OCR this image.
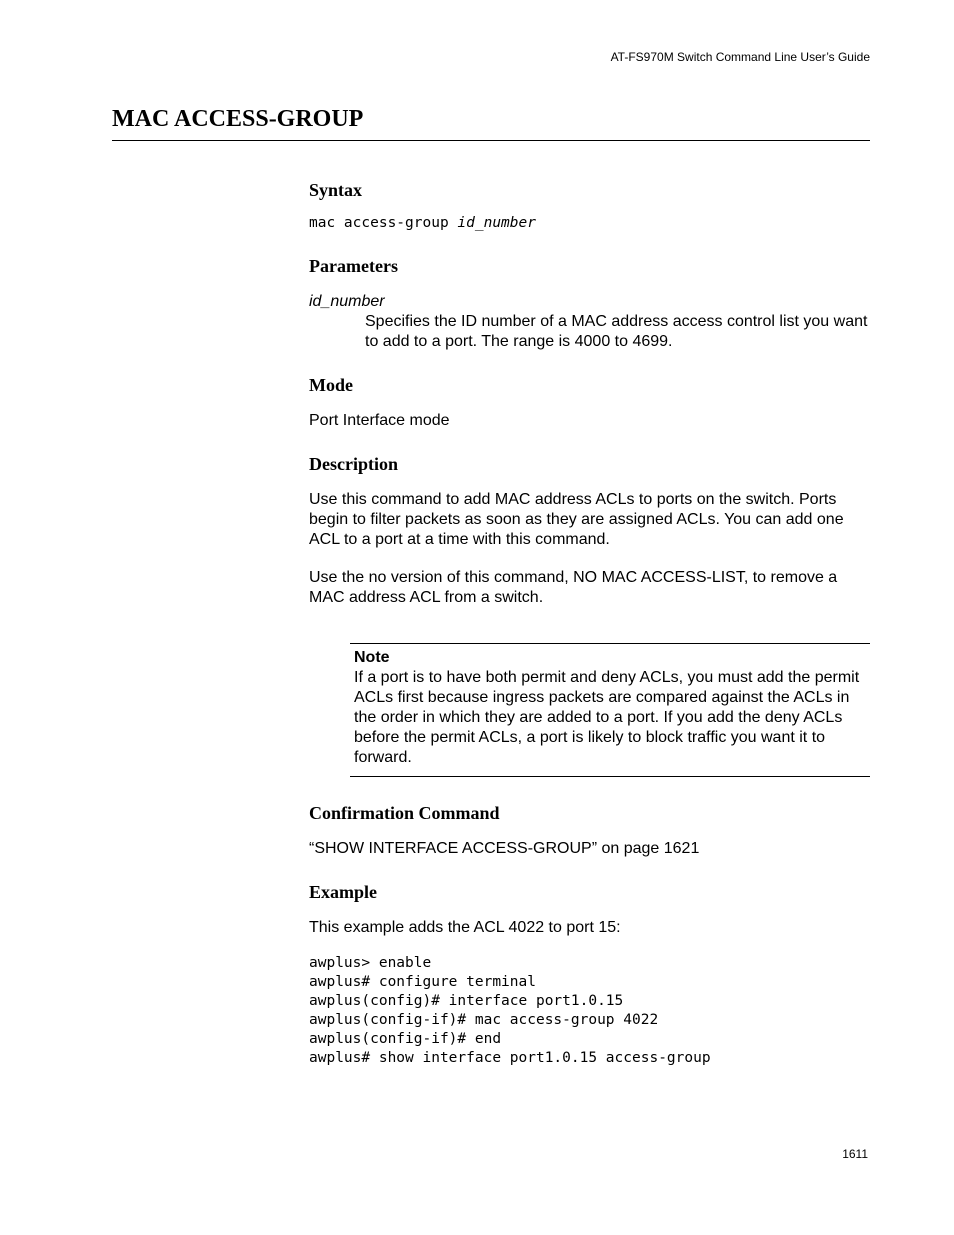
AT-FS970M Switch Command Line User’s Guide
MAC ACCESS-GROUP
Syntax

mac access-group id_number

Parameters
id_number

Specifies the ID number of a MAC address access control list you want to add to a port. The range is 4000 to 4699.

Mode

Port Interface mode

Description

Use this command to add MAC address ACLs to ports on the switch. Ports begin to filter packets as soon as they are assigned ACLs. You can add one ACL to a port at a time with this command.

Use the no version of this command, NO MAC ACCESS-LIST, to remove a MAC address ACL from a switch.

Note

If a port is to have both permit and deny ACLs, you must add the permit ACLs first because ingress packets are compared against the ACLs in the order in which they are added to a port. If you add the deny ACLs before the permit ACLs, a port is likely to block traffic you want it to forward.

Confirmation Command

“SHOW INTERFACE ACCESS-GROUP” on page 1621

Example

This example adds the ACL 4022 to port 15:

awplus> enable

awplus# configure terminal

awplus(config)# interface port1.0.15

awplus(config-if)# mac access-group 4022

awplus(config-if)# end

awplus# show interface port1.0.15 access-group

1611
